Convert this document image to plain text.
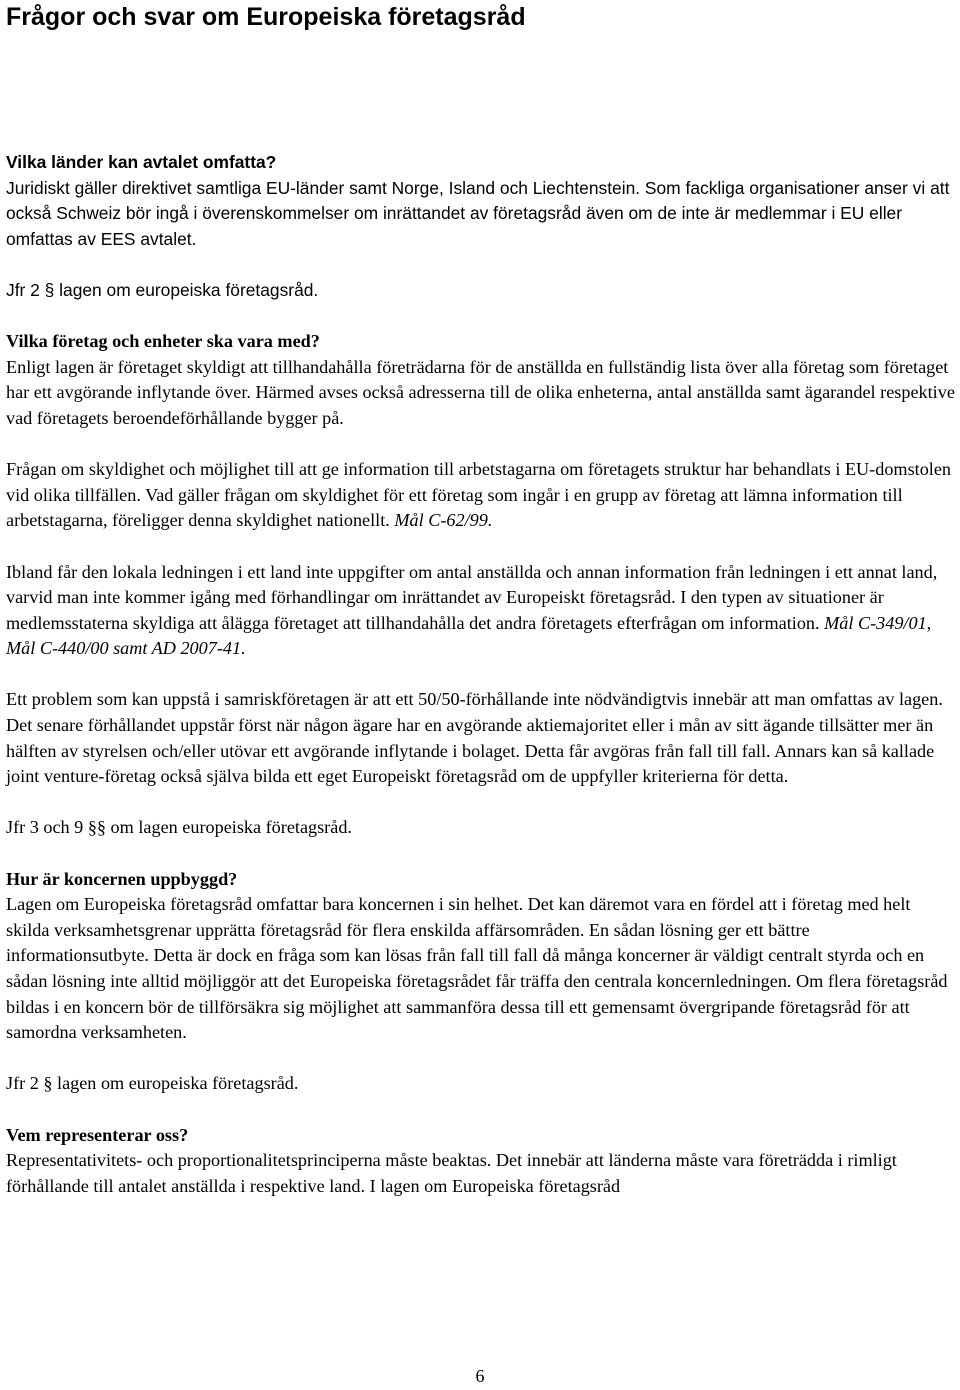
Frågor och svar om Europeiska företagsråd

Vilka länder kan avtalet omfatta?
Juridiskt gäller direktivet samtliga EU-länder samt Norge, Island och Liechtenstein. Som fackliga organisationer anser vi att också Schweiz bör ingå i överenskommelser om inrättandet av företagsråd även om de inte är medlemmar i EU eller omfattas av EES avtalet.

Jfr 2 § lagen om europeiska företagsråd.

Vilka företag och enheter ska vara med?
Enligt lagen är företaget skyldigt att tillhandahålla företrädarna för de anställda en fullständig lista över alla företag som företaget har ett avgörande inflytande över. Härmed avses också adresserna till de olika enheterna, antal anställda samt ägarandel respektive vad företagets beroendeförhållande bygger på.

Frågan om skyldighet och möjlighet till att ge information till arbetstagarna om företagets struktur har behandlats i EU-domstolen vid olika tillfällen. Vad gäller frågan om skyldighet för ett företag som ingår i en grupp av företag att lämna information till arbetstagarna, föreligger denna skyldighet nationellt. Mål C-62/99.

Ibland får den lokala ledningen i ett land inte uppgifter om antal anställda och annan information från ledningen i ett annat land, varvid man inte kommer igång med förhandlingar om inrättandet av Europeiskt företagsråd. I den typen av situationer är medlemsstaterna skyldiga att ålägga företaget att tillhandahålla det andra företagets efterfrågan om information. Mål C-349/01, Mål C-440/00 samt AD 2007-41.

Ett problem som kan uppstå i samriskföretagen är att ett 50/50-förhållande inte nödvändigtvis innebär att man omfattas av lagen. Det senare förhållandet uppstår först när någon ägare har en avgörande aktiemajoritet eller i mån av sitt ägande tillsätter mer än hälften av styrelsen och/eller utövar ett avgörande inflytande i bolaget. Detta får avgöras från fall till fall. Annars kan så kallade joint venture-företag också själva bilda ett eget Europeiskt företagsråd om de uppfyller kriterierna för detta.

Jfr 3 och 9 §§ om lagen europeiska företagsråd.

Hur är koncernen uppbyggd?
Lagen om Europeiska företagsråd omfattar bara koncernen i sin helhet. Det kan däremot vara en fördel att i företag med helt skilda verksamhetsgrenar upprätta företagsråd för flera enskilda affärsområden. En sådan lösning ger ett bättre informationsutbyte. Detta är dock en fråga som kan lösas från fall till fall då många koncerner är väldigt centralt styrda och en sådan lösning inte alltid möjliggör att det Europeiska företagsrådet får träffa den centrala koncernledningen. Om flera företagsråd bildas i en koncern bör de tillförsäkra sig möjlighet att sammanföra dessa till ett gemensamt övergripande företagsråd för att samordna verksamheten.

Jfr 2 § lagen om europeiska företagsråd.

Vem representerar oss?
Representativitets- och proportionalitetsprinciperna måste beaktas. Det innebär att länderna måste vara företrädda i rimligt förhållande till antalet anställda i respektive land. I lagen om Europeiska företagsråd

6
